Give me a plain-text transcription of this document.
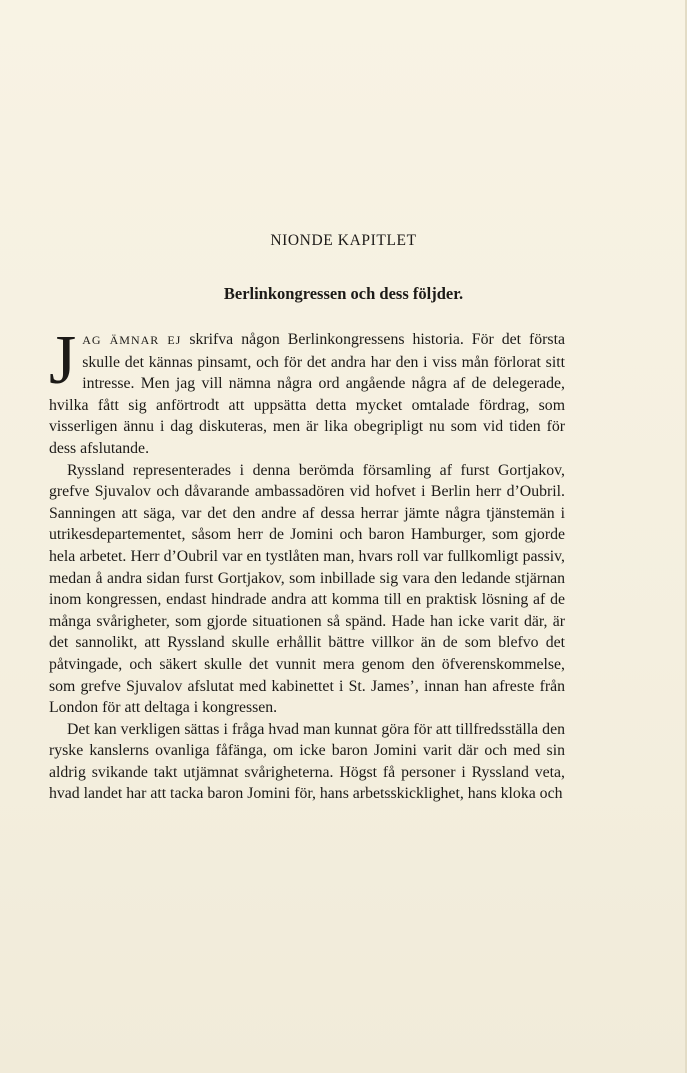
NIONDE KAPITLET
Berlinkongressen och dess följder.

JAG ÄMNAR EJ skrifva någon Berlinkongressens historia. För det första skulle det kännas pinsamt, och för det andra har den i viss mån förlorat sitt intresse. Men jag vill nämna några ord angående några af de delegerade, hvilka fått sig anförtrodt att uppsätta detta mycket omtalade fördrag, som visserligen ännu i dag diskuteras, men är lika obegripligt nu som vid tiden för dess afslutande.

Ryssland representerades i denna berömda församling af furst Gortjakov, grefve Sjuvalov och dåvarande ambassadören vid hofvet i Berlin herr d’Oubril. Sanningen att säga, var det den andre af dessa herrar jämte några tjänstemän i utrikesdepartementet, såsom herr de Jomini och baron Hamburger, som gjorde hela arbetet. Herr d’Oubril var en tystlåten man, hvars roll var fullkomligt passiv, medan å andra sidan furst Gortjakov, som inbillade sig vara den ledande stjärnan inom kongressen, endast hindrade andra att komma till en praktisk lösning af de många svårigheter, som gjorde situationen så spänd. Hade han icke varit där, är det sannolikt, att Ryssland skulle erhållit bättre villkor än de som blefvo det påtvingade, och säkert skulle det vunnit mera genom den öfverenskommelse, som grefve Sjuvalov afslutat med kabinettet i St. James’, innan han afreste från London för att deltaga i kongressen.

Det kan verkligen sättas i fråga hvad man kunnat göra för att tillfredsställa den ryske kanslerns ovanliga fåfänga, om icke baron Jomini varit där och med sin aldrig svikande takt utjämnat svårigheterna. Högst få personer i Ryssland veta, hvad landet har att tacka baron Jomini för, hans arbetsskicklighet, hans kloka och
